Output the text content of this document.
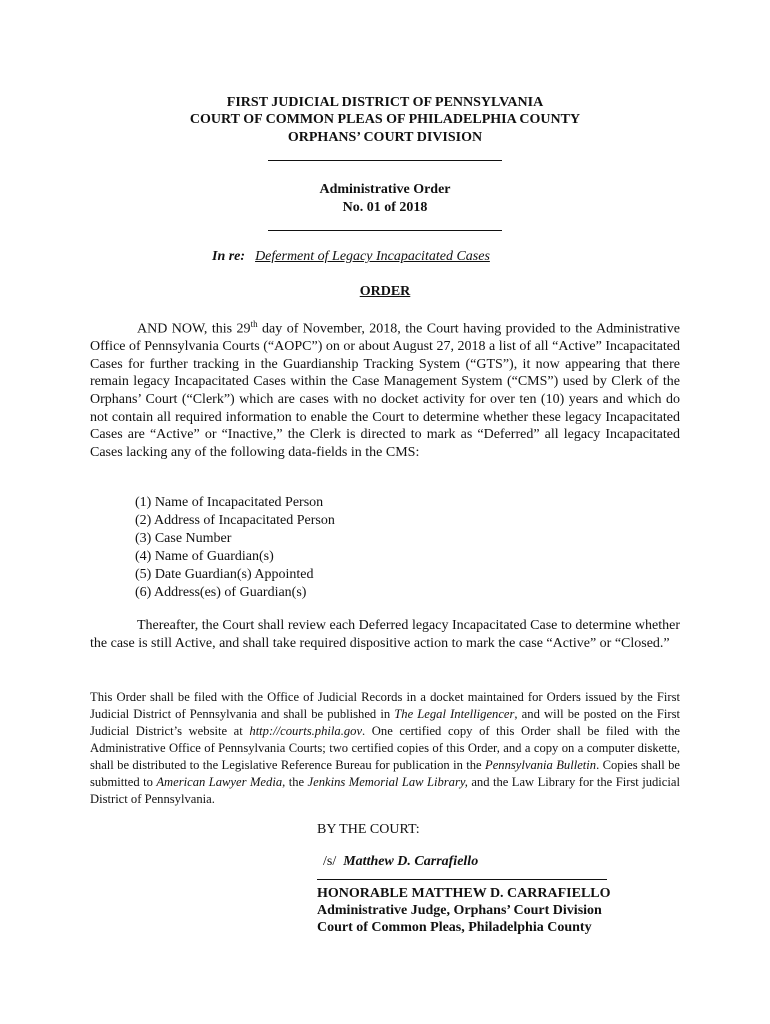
FIRST JUDICIAL DISTRICT OF PENNSYLVANIA
COURT OF COMMON PLEAS OF PHILADELPHIA COUNTY
ORPHANS’ COURT DIVISION
Administrative Order
No. 01 of 2018
In re: Deferment of Legacy Incapacitated Cases
ORDER
AND NOW, this 29th day of November, 2018, the Court having provided to the Administrative Office of Pennsylvania Courts (“AOPC”) on or about August 27, 2018 a list of all “Active” Incapacitated Cases for further tracking in the Guardianship Tracking System (“GTS”), it now appearing that there remain legacy Incapacitated Cases within the Case Management System (“CMS”) used by Clerk of the Orphans’ Court (“Clerk”) which are cases with no docket activity for over ten (10) years and which do not contain all required information to enable the Court to determine whether these legacy Incapacitated Cases are “Active” or “Inactive,” the Clerk is directed to mark as “Deferred” all legacy Incapacitated Cases lacking any of the following data-fields in the CMS:
(1) Name of Incapacitated Person
(2) Address of Incapacitated Person
(3) Case Number
(4) Name of Guardian(s)
(5) Date Guardian(s) Appointed
(6) Address(es) of Guardian(s)
Thereafter, the Court shall review each Deferred legacy Incapacitated Case to determine whether the case is still Active, and shall take required dispositive action to mark the case “Active” or “Closed.”
This Order shall be filed with the Office of Judicial Records in a docket maintained for Orders issued by the First Judicial District of Pennsylvania and shall be published in The Legal Intelligencer, and will be posted on the First Judicial District’s website at http://courts.phila.gov. One certified copy of this Order shall be filed with the Administrative Office of Pennsylvania Courts; two certified copies of this Order, and a copy on a computer diskette, shall be distributed to the Legislative Reference Bureau for publication in the Pennsylvania Bulletin. Copies shall be submitted to American Lawyer Media, the Jenkins Memorial Law Library, and the Law Library for the First judicial District of Pennsylvania.
BY THE COURT:
/s/ Matthew D. Carrafiello
HONORABLE MATTHEW D. CARRAFIELLO
Administrative Judge, Orphans’ Court Division
Court of Common Pleas, Philadelphia County
